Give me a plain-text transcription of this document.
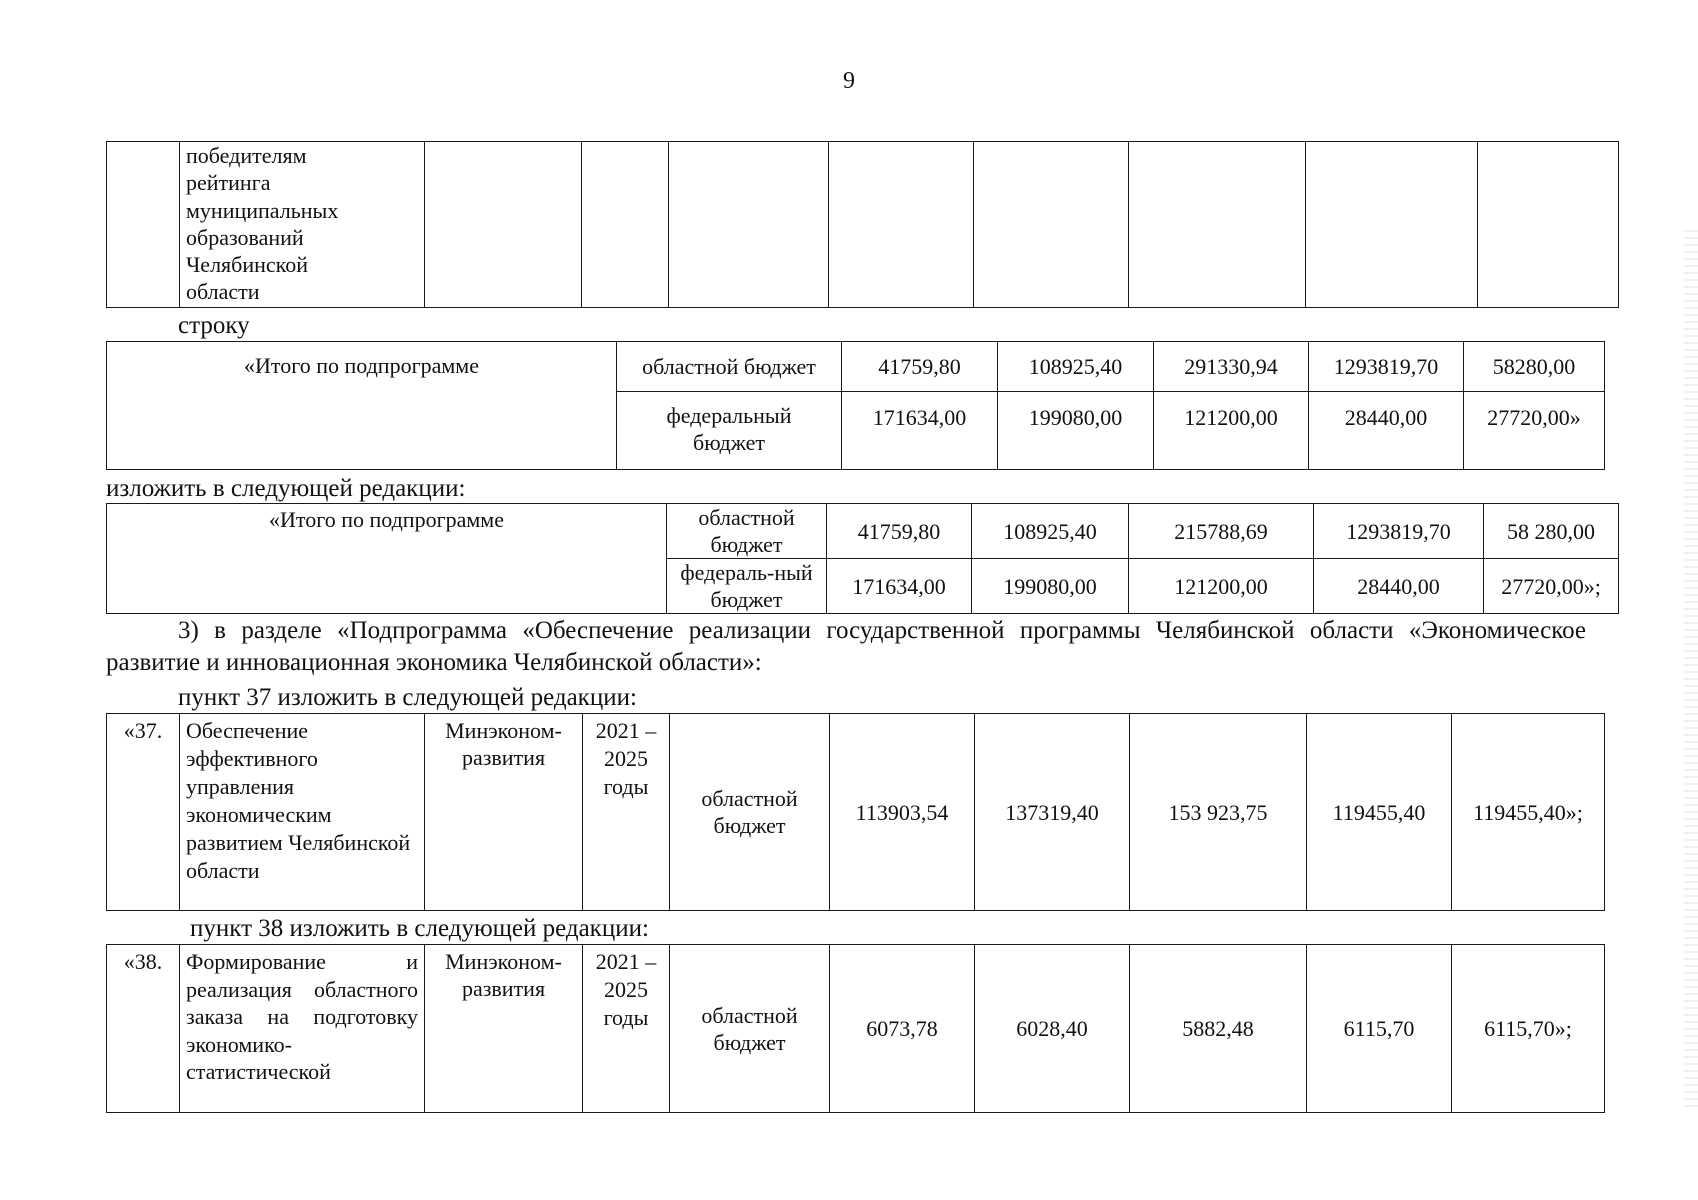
9

победителям
рейтинга
муниципальных
образований
Челябинской
области

строку
«Итого по подпрограмме	областной бюджет	41759,80	108925,40	291330,94	1293819,70	58280,00
	федеральный бюджет	171634,00	199080,00	121200,00	28440,00	27720,00»
изложить в следующей редакции:
«Итого по подпрограмме	областной бюджет	41759,80	108925,40	215788,69	1293819,70	58 280,00
	федераль-ный бюджет	171634,00	199080,00	121200,00	28440,00	27720,00»;
3) в разделе «Подпрограмма «Обеспечение реализации государственной программы Челябинской области «Экономическое развитие и инновационная экономика Челябинской области»:
пункт 37 изложить в следующей редакции:
«37.	Обеспечение эффективного управления экономическим развитием Челябинской области	Минэконом-развития	2021 – 2025 годы	областной бюджет	113903,54	137319,40	153 923,75	119455,40	119455,40»;
пункт 38 изложить в следующей редакции:
«38.	Формирование и реализация областного заказа на подготовку экономико-статистической	Минэконом-развития	2021 – 2025 годы	областной бюджет	6073,78	6028,40	5882,48	6115,70	6115,70»;
